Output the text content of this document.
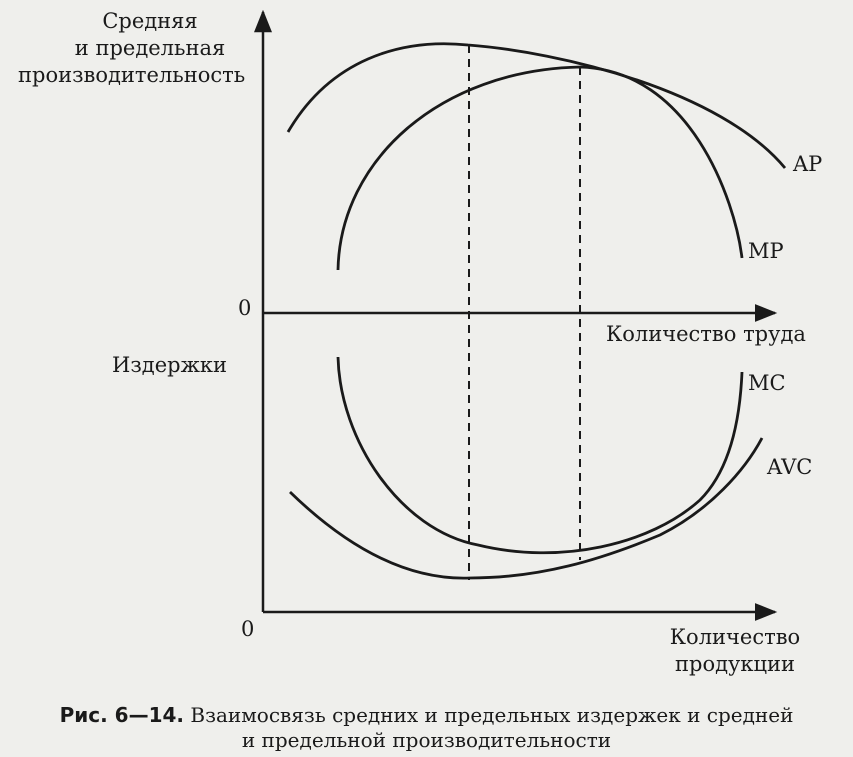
Средняя
и предельная
производительность
0
Количество труда
AP
MP
Издержки
MC
AVC
0	Количество
продукции
Рис. 6—14. Взаимосвязь средних и предельных издержек и средней
и предельной производительности
